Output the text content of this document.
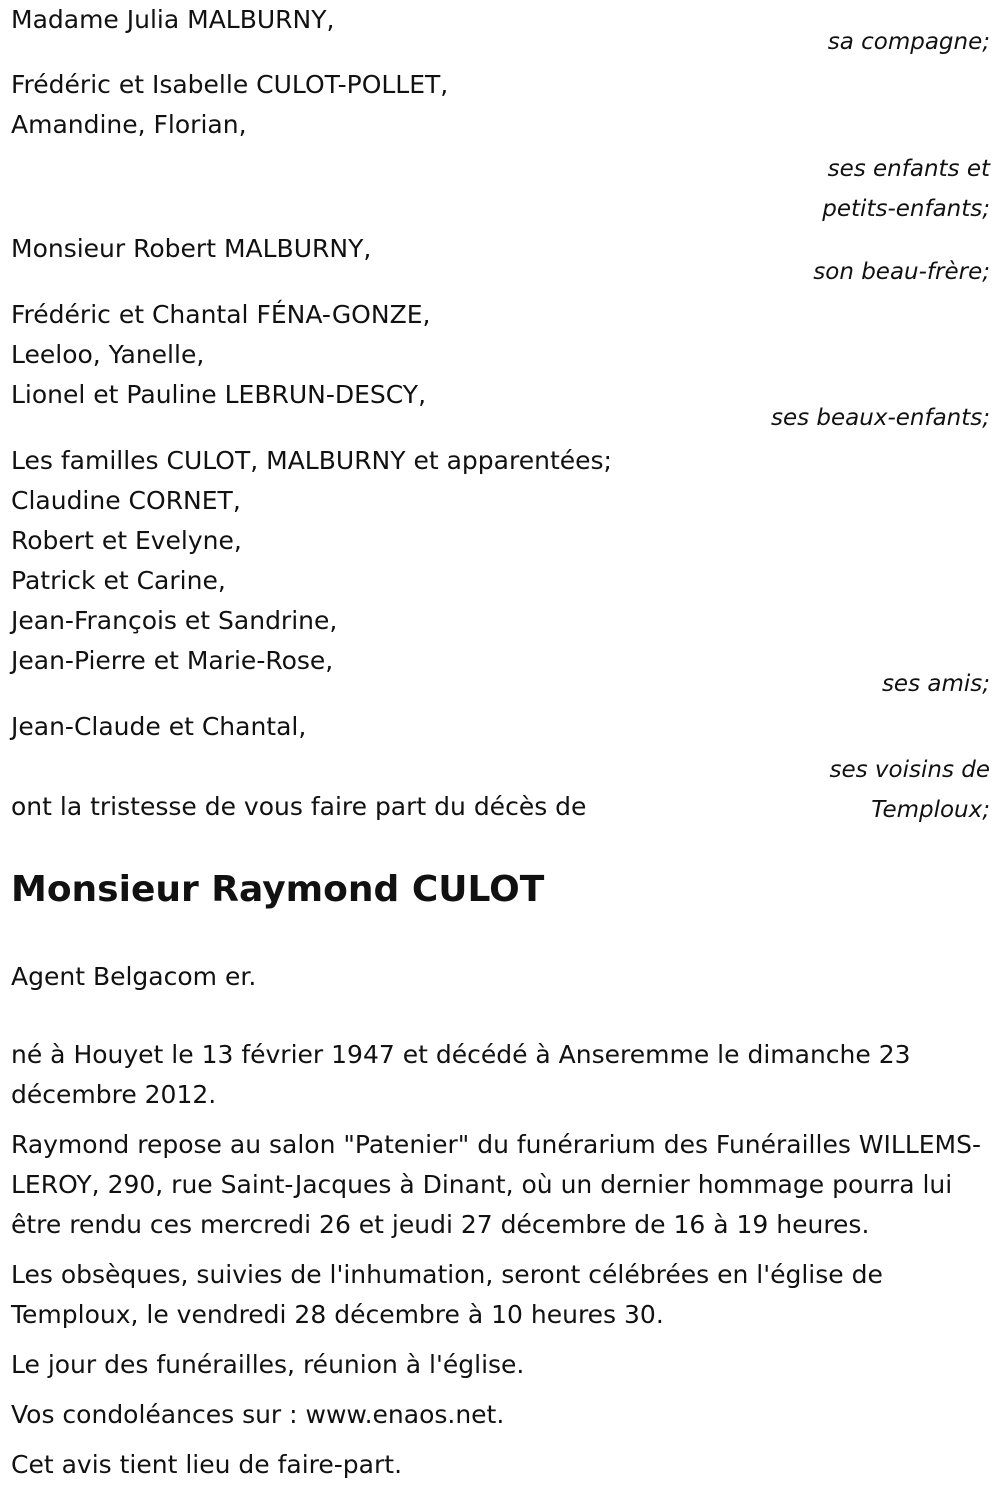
Madame Julia MALBURNY,
sa compagne;
Frédéric et Isabelle CULOT-POLLET,
Amandine, Florian,
ses enfants et
petits-enfants;
Monsieur Robert MALBURNY,
son beau-frère;
Frédéric et Chantal FÉNA-GONZE,
Leeloo, Yanelle,
Lionel et Pauline LEBRUN-DESCY,
ses beaux-enfants;
Les familles CULOT, MALBURNY et apparentées;
Claudine CORNET,
Robert et Evelyne,
Patrick et Carine,
Jean-François et Sandrine,
Jean-Pierre et Marie-Rose,
ses amis;
Jean-Claude et Chantal,
ses voisins de
Temploux;
ont la tristesse de vous faire part du décès de
Monsieur Raymond CULOT
Agent Belgacom er.

né à Houyet le 13 février 1947 et décédé à Anseremme le dimanche 23 décembre 2012.

Raymond repose au salon "Patenier" du funérarium des Funérailles WILLEMS-LEROY, 290, rue Saint-Jacques à Dinant, où un dernier hommage pourra lui être rendu ces mercredi 26 et jeudi 27 décembre de 16 à 19 heures.

Les obsèques, suivies de l'inhumation, seront célébrées en l'église de Temploux, le vendredi 28 décembre à 10 heures 30.

Le jour des funérailles, réunion à l'église.

Vos condoléances sur : www.enaos.net.

Cet avis tient lieu de faire-part.
